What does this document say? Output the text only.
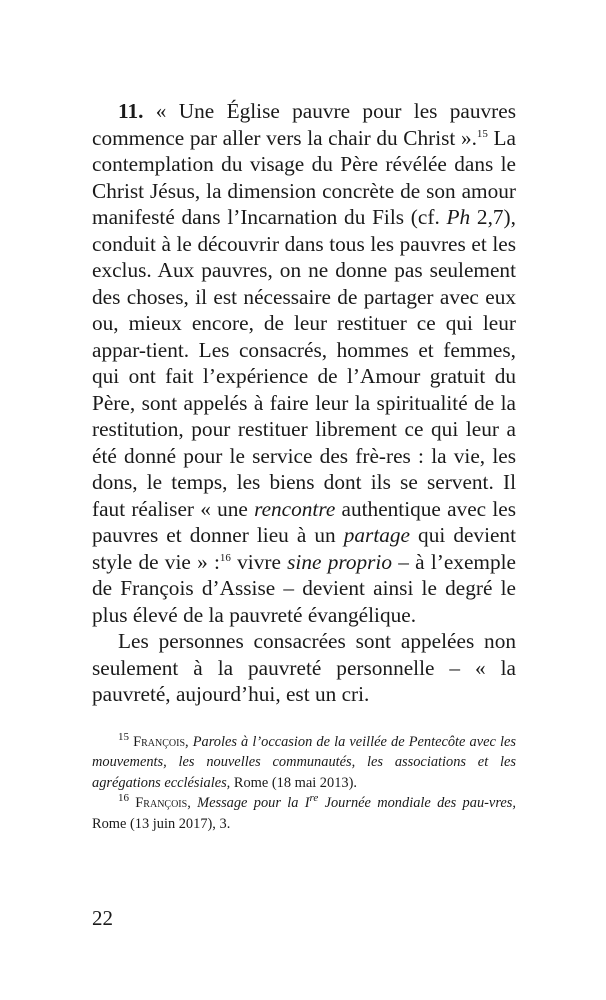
11. « Une Église pauvre pour les pauvres commence par aller vers la chair du Christ ».$^{15}$ La contemplation du visage du Père révélée dans le Christ Jésus, la dimension concrète de son amour manifesté dans l’Incarnation du Fils (cf. Ph 2,7), conduit à le découvrir dans tous les pauvres et les exclus. Aux pauvres, on ne donne pas seulement des choses, il est nécessaire de partager avec eux ou, mieux encore, de leur restituer ce qui leur appar-tient. Les consacrés, hommes et femmes, qui ont fait l’expérience de l’Amour gratuit du Père, sont appelés à faire leur la spiritualité de la restitution, pour restituer librement ce qui leur a été donné pour le service des frè-res : la vie, les dons, le temps, les biens dont ils se servent. Il faut réaliser « une rencontre authentique avec les pauvres et donner lieu à un partage qui devient style de vie » :$^{16}$ vivre sine proprio – à l’exemple de François d’Assise – devient ainsi le degré le plus élevé de la pauvreté évangélique.

Les personnes consacrées sont appelées non seulement à la pauvreté personnelle – « la pauvreté, aujourd’hui, est un cri.

$^{15}$ François, Paroles à l’occasion de la veillée de Pentecôte avec les mouvements, les nouvelles communautés, les associations et les agrégations ecclésiales, Rome (18 mai 2013).

$^{16}$ François, Message pour la Ire Journée mondiale des pau-vres, Rome (13 juin 2017), 3.

22
